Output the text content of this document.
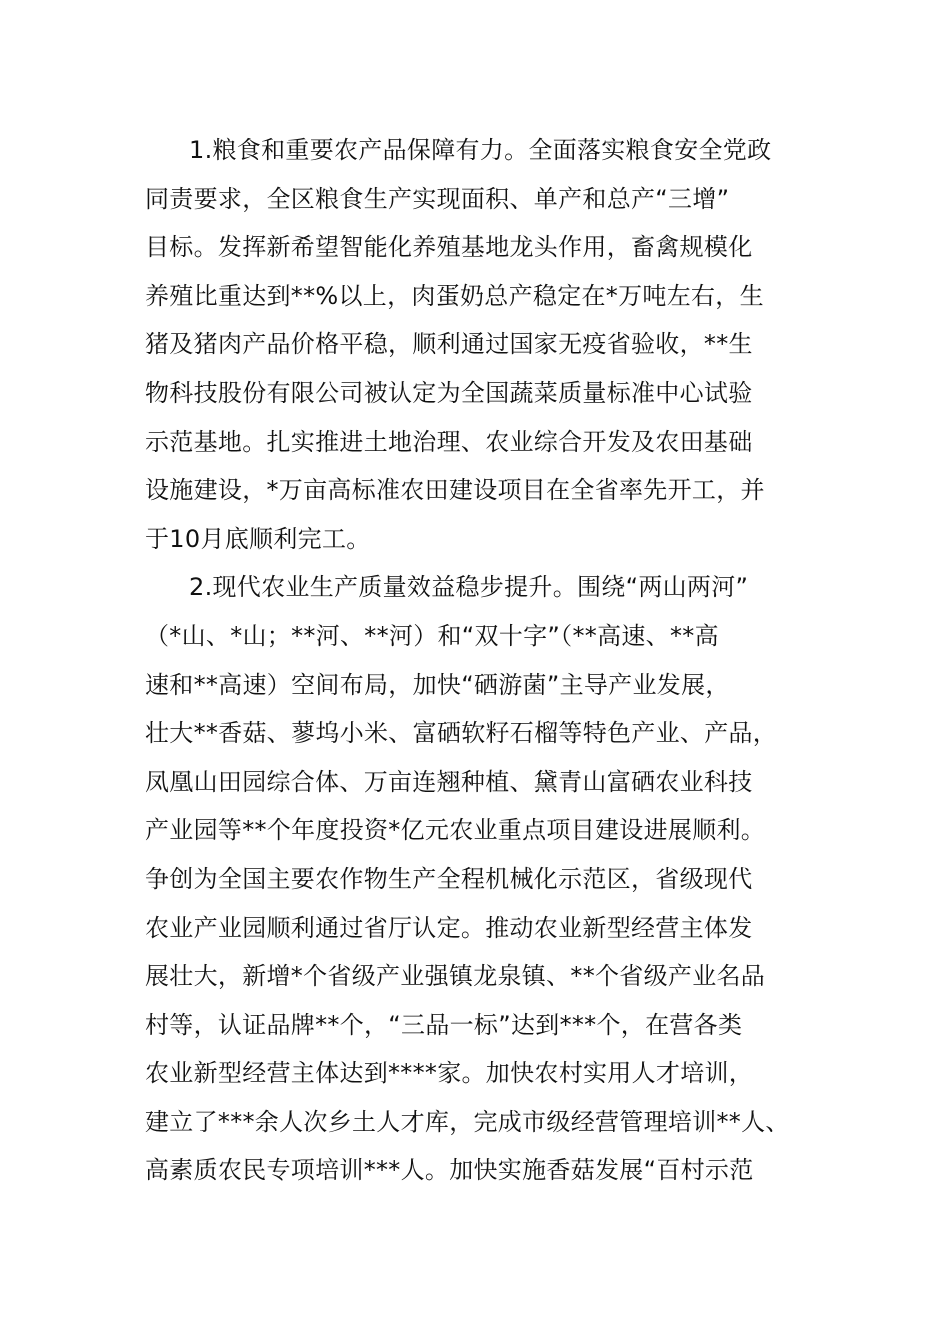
1.粮食和重要农产品保障有力。全面落实粮食安全党政
同责要求，全区粮食生产实现面积、单产和总产“三增”
目标。发挥新希望智能化养殖基地龙头作用，畜禽规模化
养殖比重达到**%以上，肉蛋奶总产稳定在*万吨左右，生
猪及猪肉产品价格平稳，顺利通过国家无疫省验收，**生
物科技股份有限公司被认定为全国蔬菜质量标准中心试验
示范基地。扎实推进土地治理、农业综合开发及农田基础
设施建设，*万亩高标准农田建设项目在全省率先开工，并
于10月底顺利完工。
2.现代农业生产质量效益稳步提升。围绕“两山两河”
（*山、*山；**河、**河）和“双十字”（**高速、**高
速和**高速）空间布局，加快“硒游菌”主导产业发展，
壮大**香菇、蓼坞小米、富硒软籽石榴等特色产业、产品，
凤凰山田园综合体、万亩连翘种植、黛青山富硒农业科技
产业园等**个年度投资*亿元农业重点项目建设进展顺利。
争创为全国主要农作物生产全程机械化示范区，省级现代
农业产业园顺利通过省厅认定。推动农业新型经营主体发
展壮大，新增*个省级产业强镇龙泉镇、**个省级产业名品
村等，认证品牌**个，“三品一标”达到***个，在营各类
农业新型经营主体达到****家。加快农村实用人才培训，
建立了***余人次乡土人才库，完成市级经营管理培训**人、
高素质农民专项培训***人。加快实施香菇发展“百村示范
